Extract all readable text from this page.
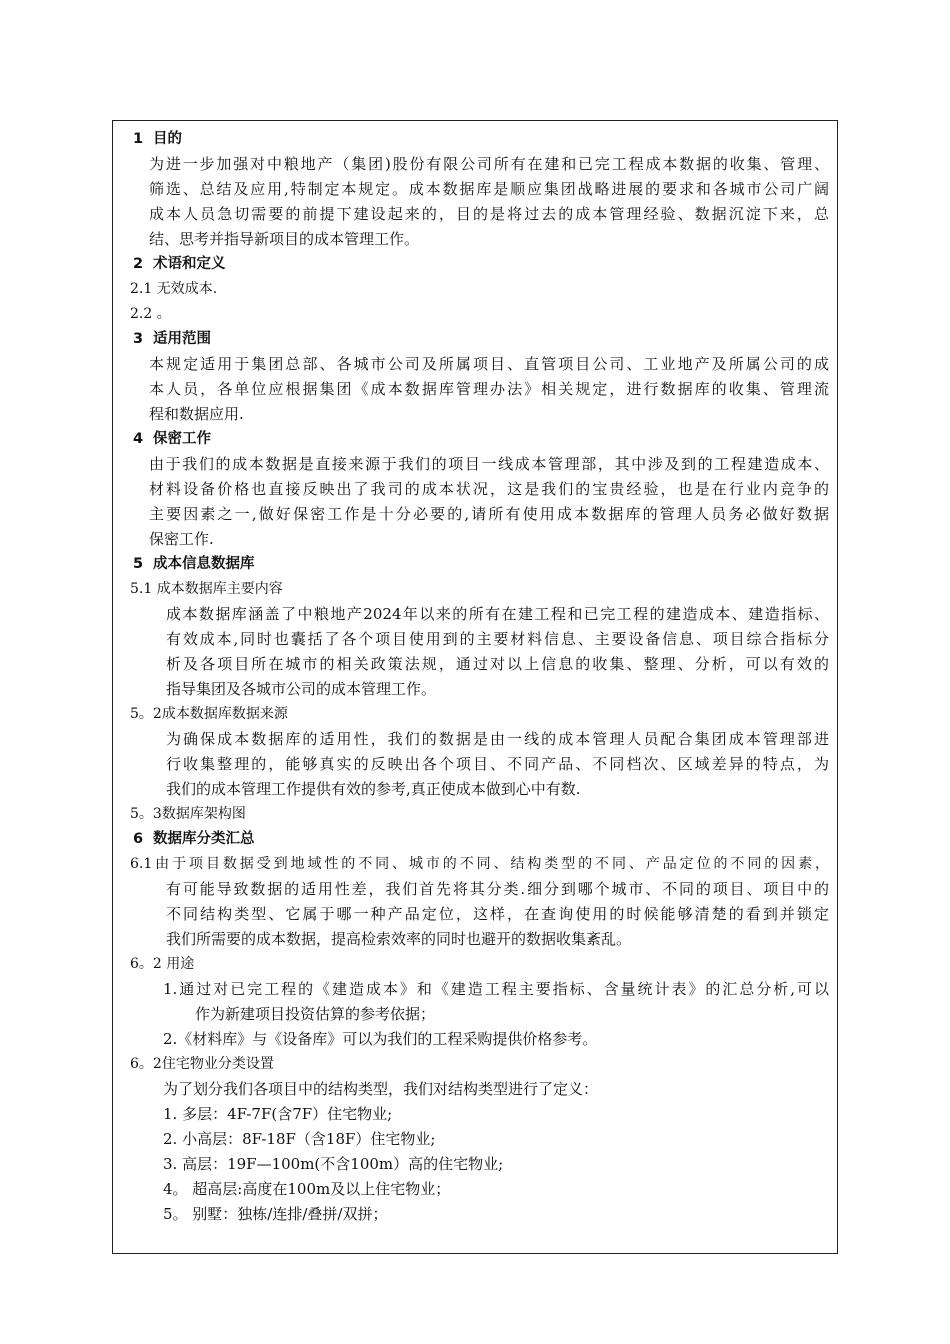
1 目的
为进一步加强对中粮地产（集团)股份有限公司所有在建和已完工程成本数据的收集、管理、
筛选、总结及应用,特制定本规定。成本数据库是顺应集团战略进展的要求和各城市公司广阔
成本人员急切需要的前提下建设起来的，目的是将过去的成本管理经验、数据沉淀下来，总
结、思考并指导新项目的成本管理工作。
2 术语和定义
2.1 无效成本.
2.2 。
3 适用范围
本规定适用于集团总部、各城市公司及所属项目、直管项目公司、工业地产及所属公司的成
本人员，各单位应根据集团《成本数据库管理办法》相关规定，进行数据库的收集、管理流
程和数据应用.
4 保密工作
由于我们的成本数据是直接来源于我们的项目一线成本管理部，其中涉及到的工程建造成本、
材料设备价格也直接反映出了我司的成本状况，这是我们的宝贵经验，也是在行业内竞争的
主要因素之一,做好保密工作是十分必要的,请所有使用成本数据库的管理人员务必做好数据
保密工作.
5 成本信息数据库
5.1 成本数据库主要内容
成本数据库涵盖了中粮地产2024年以来的所有在建工程和已完工程的建造成本、建造指标、
有效成本,同时也囊括了各个项目使用到的主要材料信息、主要设备信息、项目综合指标分
析及各项目所在城市的相关政策法规，通过对以上信息的收集、整理、分析，可以有效的
指导集团及各城市公司的成本管理工作。
5。2成本数据库数据来源
为确保成本数据库的适用性，我们的数据是由一线的成本管理人员配合集团成本管理部进
行收集整理的，能够真实的反映出各个项目、不同产品、不同档次、区域差异的特点，为
我们的成本管理工作提供有效的参考,真正使成本做到心中有数.
5。3数据库架构图
6 数据库分类汇总
6.1由于项目数据受到地域性的不同、城市的不同、结构类型的不同、产品定位的不同的因素，
有可能导致数据的适用性差，我们首先将其分类.细分到哪个城市、不同的项目、项目中的
不同结构类型、它属于哪一种产品定位，这样，在查询使用的时候能够清楚的看到并锁定
我们所需要的成本数据，提高检索效率的同时也避开的数据收集紊乱。
6。2 用途
1.通过对已完工程的《建造成本》和《建造工程主要指标、含量统计表》的汇总分析,可以
作为新建项目投资估算的参考依据；
2.《材料库》与《设备库》可以为我们的工程采购提供价格参考。
6。2住宅物业分类设置
为了划分我们各项目中的结构类型，我们对结构类型进行了定义：
1. 多层：4F-7F(含7F）住宅物业;
2. 小高层：8F-18F（含18F）住宅物业;
3. 高层：19F—100m(不含100m）高的住宅物业;
4。 超高层:高度在100m及以上住宅物业；
5。 别墅：独栋/连排/叠拼/双拼；
